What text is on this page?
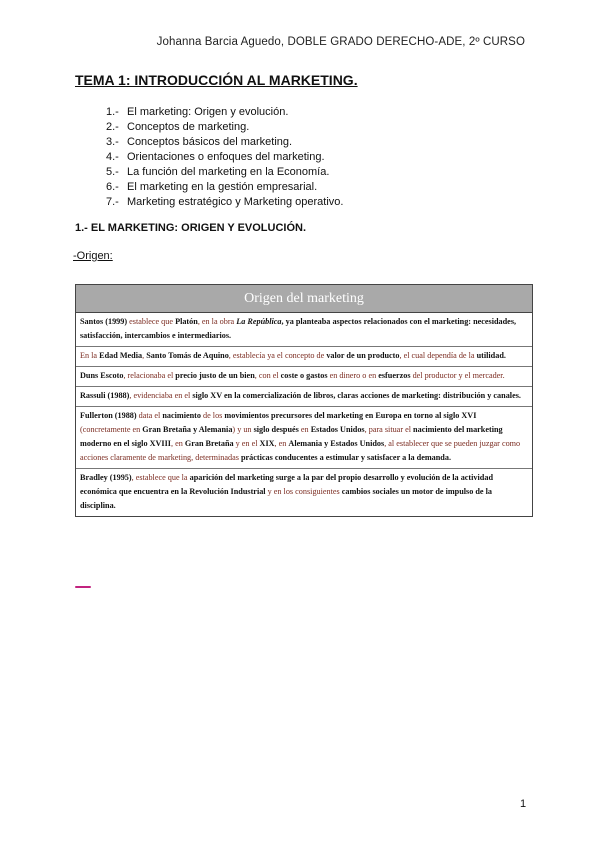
Johanna Barcia Aguedo, DOBLE GRADO DERECHO-ADE, 2º CURSO
TEMA 1: INTRODUCCIÓN AL MARKETING.
1.- El marketing: Origen y evolución.
2.- Conceptos de marketing.
3.- Conceptos básicos del marketing.
4.- Orientaciones o enfoques del marketing.
5.- La función del marketing en la Economía.
6.- El marketing en la gestión empresarial.
7.- Marketing estratégico y Marketing operativo.
1.- EL MARKETING: ORIGEN Y EVOLUCIÓN.
-Origen:
Origen del marketing
Santos (1999) establece que Platón, en la obra La República, ya planteaba aspectos relacionados con el marketing: necesidades, satisfacción, intercambios e intermediarios.
En la Edad Media, Santo Tomás de Aquino, establecía ya el concepto de valor de un producto, el cual dependía de la utilidad.
Duns Escoto, relacionaba el precio justo de un bien, con el coste o gastos en dinero o en esfuerzos del productor y el mercader.
Rassuli (1988), evidenciaba en el siglo XV en la comercialización de libros, claras acciones de marketing: distribución y canales.
Fullerton (1988) data el nacimiento de los movimientos precursores del marketing en Europa en torno al siglo XVI (concretamente en Gran Bretaña y Alemania) y un siglo después en Estados Unidos, para situar el nacimiento del marketing moderno en el siglo XVIII, en Gran Bretaña y en el XIX, en Alemania y Estados Unidos, al establecer que se pueden juzgar como acciones claramente de marketing, determinadas prácticas conducentes a estimular y satisfacer a la demanda.
Bradley (1995), establece que la aparición del marketing surge a la par del propio desarrollo y evolución de la actividad económica que encuentra en la Revolución Industrial y en los consiguientes cambios sociales un motor de impulso de la disciplina.
1
